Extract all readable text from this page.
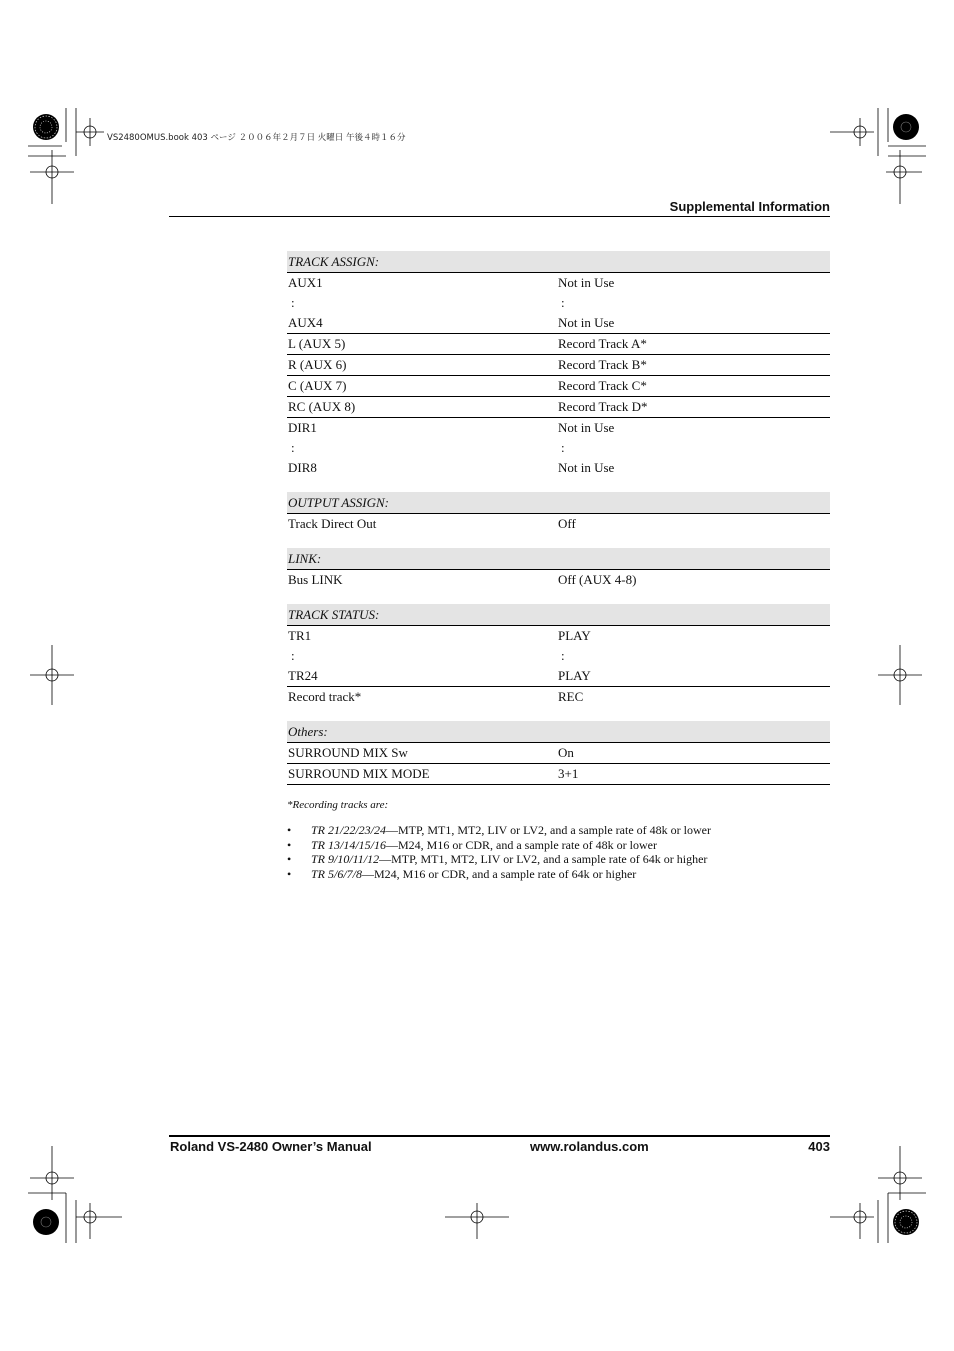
VS2480OMUS.book 403 ページ ２００６年２月７日 火曜日 午後４時１６分
Supplemental Information
TRACK ASSIGN:
AUX1	Not in Use
:	:
AUX4	Not in Use
L (AUX 5)	Record Track A*
R (AUX 6)	Record Track B*
C (AUX 7)	Record Track C*
RC (AUX 8)	Record Track D*
DIR1	Not in Use
:	:
DIR8	Not in Use
OUTPUT ASSIGN:
Track Direct Out	Off
LINK:
Bus LINK	Off (AUX 4-8)
TRACK STATUS:
TR1	PLAY
:	:
TR24	PLAY
Record track*	REC
Others:
SURROUND MIX Sw	On
SURROUND MIX MODE	3+1
*Recording tracks are:
• TR 21/22/23/24—MTP, MT1, MT2, LIV or LV2, and a sample rate of 48k or lower
• TR 13/14/15/16—M24, M16 or CDR, and a sample rate of 48k or lower
• TR 9/10/11/12—MTP, MT1, MT2, LIV or LV2, and a sample rate of 64k or higher
• TR 5/6/7/8—M24, M16 or CDR, and a sample rate of 64k or higher
Roland VS-2480 Owner’s Manual	www.rolandus.com	403
